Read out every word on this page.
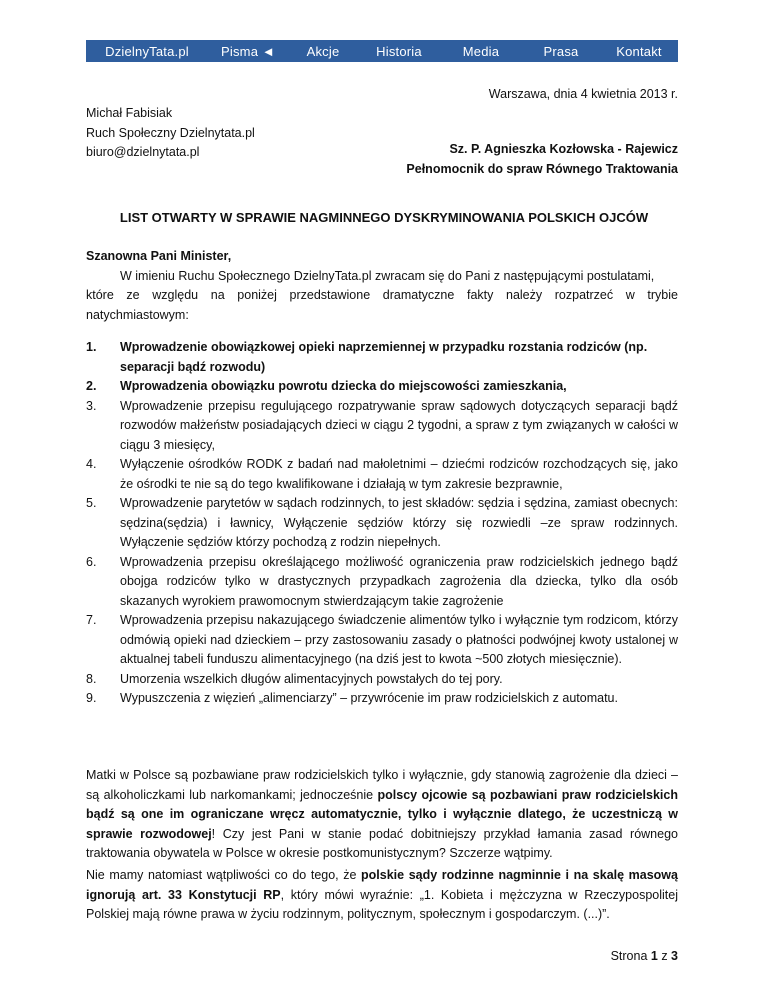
DzielnyTata.pl	Pisma ◄	Akcje	Historia	Media	Prasa	Kontakt
Warszawa, dnia 4 kwietnia 2013 r.
Michał Fabisiak
Ruch Społeczny Dzielnytata.pl
biuro@dzielnytata.pl	Sz. P. Agnieszka Kozłowska - Rajewicz
Pełnomocnik do spraw Równego Traktowania
LIST OTWARTY W SPRAWIE NAGMINNEGO DYSKRYMINOWANIA POLSKICH OJCÓW
Szanowna Pani Minister,
W imieniu Ruchu Społecznego DzielnyTata.pl zwracam się do Pani z następującymi postulatami,
które ze względu na poniżej przedstawione dramatyczne fakty należy rozpatrzeć w trybie
natychmiastowym:
1.	Wprowadzenie obowiązkowej opieki naprzemiennej w przypadku rozstania rodziców (np. separacji bądź rozwodu)
2.	Wprowadzenia obowiązku powrotu dziecka do miejscowości zamieszkania,
3.	Wprowadzenie przepisu regulującego rozpatrywanie spraw sądowych dotyczących separacji bądź rozwodów małżeństw posiadających dzieci w ciągu 2 tygodni, a spraw z tym związanych w całości w ciągu 3 miesięcy,
4.	Wyłączenie ośrodków RODK z badań nad małoletnimi – dziećmi rodziców rozchodzących się, jako że ośrodki te nie są do tego kwalifikowane i działają w tym zakresie bezprawnie,
5.	Wprowadzenie parytetów w sądach rodzinnych, to jest składów: sędzia i sędzina, zamiast obecnych: sędzina(sędzia) i ławnicy, Wyłączenie sędziów którzy się rozwiedli –ze spraw rodzinnych. Wyłączenie sędziów którzy pochodzą z rodzin niepełnych.
6.	Wprowadzenia przepisu określającego możliwość ograniczenia praw rodzicielskich jednego bądź obojga rodziców tylko w drastycznych przypadkach zagrożenia dla dziecka, tylko dla osób skazanych wyrokiem prawomocnym stwierdzającym takie zagrożenie
7.	Wprowadzenia przepisu nakazującego świadczenie alimentów tylko i wyłącznie tym rodzicom, którzy odmówią opieki nad dzieckiem – przy zastosowaniu zasady o płatności podwójnej kwoty ustalonej w aktualnej tabeli funduszu alimentacyjnego (na dziś jest to kwota ~500 złotych miesięcznie).
8.	Umorzenia wszelkich długów alimentacyjnych powstałych do tej pory.
9.	Wypuszczenia z więzień „alimenciarzy” – przywrócenie im praw rodzicielskich z automatu.
Matki w Polsce są pozbawiane praw rodzicielskich tylko i wyłącznie, gdy stanowią zagrożenie dla dzieci – są alkoholiczkami lub narkomankami; jednocześnie polscy ojcowie są pozbawiani praw rodzicielskich bądź są one im ograniczane wręcz automatycznie, tylko i wyłącznie dlatego, że uczestniczą w sprawie rozwodowej! Czy jest Pani w stanie podać dobitniejszy przykład łamania zasad równego traktowania obywatela w Polsce w okresie postkomunistycznym? Szczerze wątpimy.
Nie mamy natomiast wątpliwości co do tego, że polskie sądy rodzinne nagminnie i na skalę masową ignorują art. 33 Konstytucji RP, który mówi wyraźnie: „1. Kobieta i mężczyzna w Rzeczypospolitej Polskiej mają równe prawa w życiu rodzinnym, politycznym, społecznym i gospodarczym. (...)”.
Strona 1 z 3
